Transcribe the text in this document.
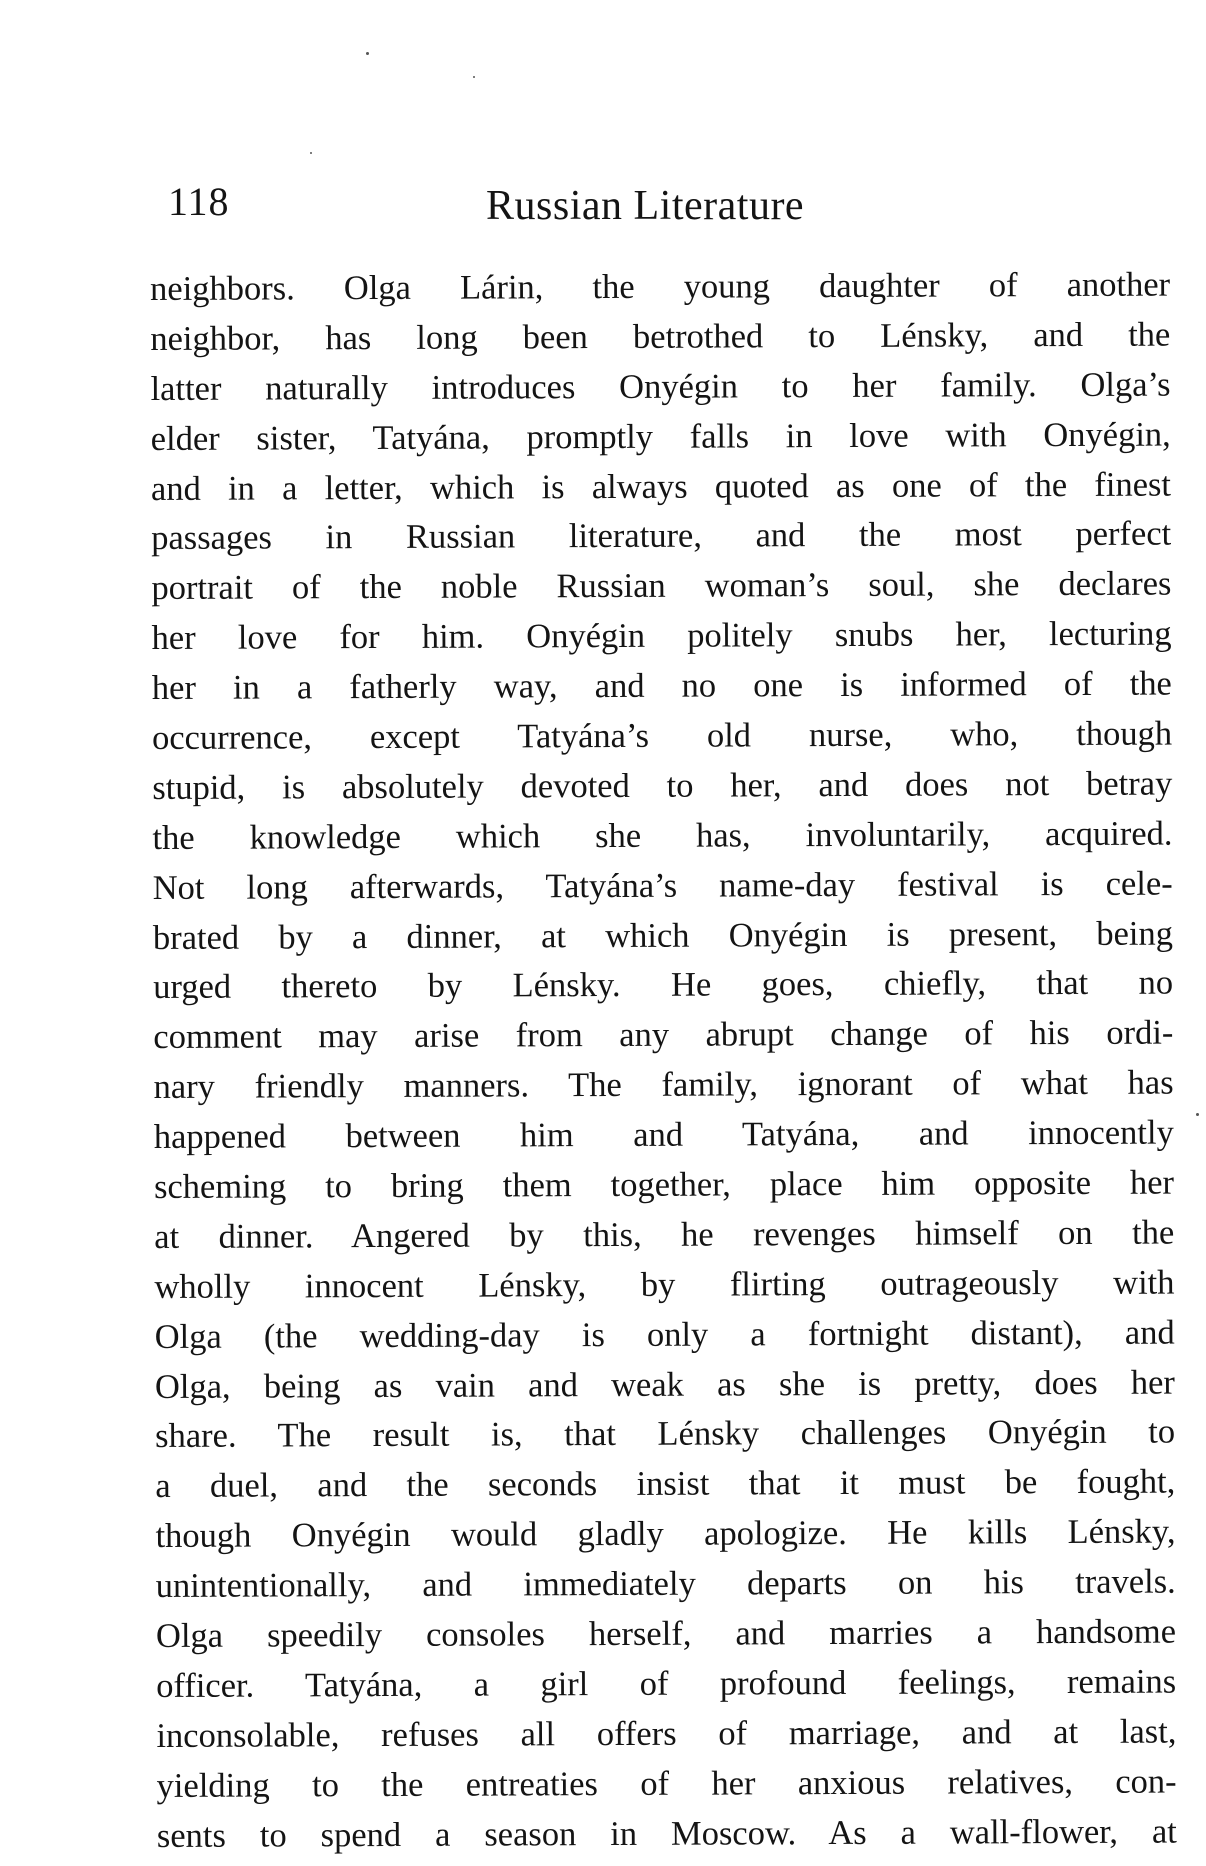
118	Russian Literature
neighbors. Olga Lárin, the young daughter of another
neighbor, has long been betrothed to Lénsky, and the
latter naturally introduces Onyégin to her family. Olga’s
elder sister, Tatyána, promptly falls in love with Onyégin,
and in a letter, which is always quoted as one of the finest
passages in Russian literature, and the most perfect
portrait of the noble Russian woman’s soul, she declares
her love for him. Onyégin politely snubs her, lecturing
her in a fatherly way, and no one is informed of the
occurrence, except Tatyána’s old nurse, who, though
stupid, is absolutely devoted to her, and does not betray
the knowledge which she has, involuntarily, acquired.
Not long afterwards, Tatyána’s name-day festival is cele-
brated by a dinner, at which Onyégin is present, being
urged thereto by Lénsky. He goes, chiefly, that no
comment may arise from any abrupt change of his ordi-
nary friendly manners. The family, ignorant of what has
happened between him and Tatyána, and innocently
scheming to bring them together, place him opposite her
at dinner. Angered by this, he revenges himself on the
wholly innocent Lénsky, by flirting outrageously with
Olga (the wedding-day is only a fortnight distant), and
Olga, being as vain and weak as she is pretty, does her
share. The result is, that Lénsky challenges Onyégin to
a duel, and the seconds insist that it must be fought,
though Onyégin would gladly apologize. He kills Lénsky,
unintentionally, and immediately departs on his travels.
Olga speedily consoles herself, and marries a handsome
officer. Tatyána, a girl of profound feelings, remains
inconsolable, refuses all offers of marriage, and at last,
yielding to the entreaties of her anxious relatives, con-
sents to spend a season in Moscow. As a wall-flower, at
